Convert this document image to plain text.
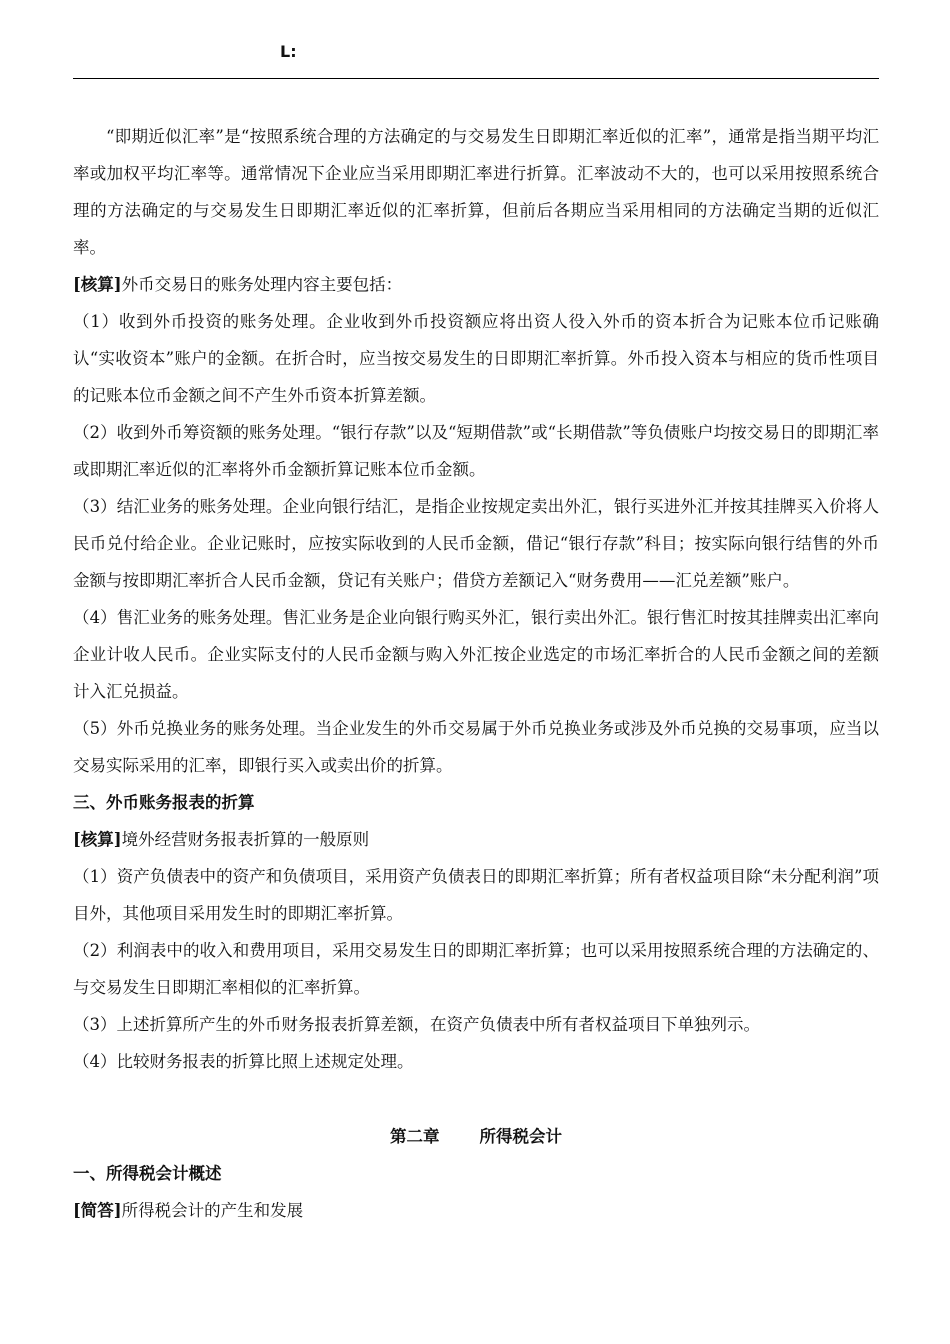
L:

“即期近似汇率”是“按照系统合理的方法确定的与交易发生日即期汇率近似的汇率”，通常是指当期平均汇率或加权平均汇率等。通常情况下企业应当采用即期汇率进行折算。汇率波动不大的，也可以采用按照系统合理的方法确定的与交易发生日即期汇率近似的汇率折算，但前后各期应当采用相同的方法确定当期的近似汇率。

[核算]外币交易日的账务处理内容主要包括：

（1）收到外币投资的账务处理。企业收到外币投资额应将出资人役入外币的资本折合为记账本位币记账确认“实收资本”账户的金额。在折合时，应当按交易发生的日即期汇率折算。外币投入资本与相应的货币性项目的记账本位币金额之间不产生外币资本折算差额。

（2）收到外币筹资额的账务处理。“银行存款”以及“短期借款”或“长期借款”等负债账户均按交易日的即期汇率或即期汇率近似的汇率将外币金额折算记账本位币金额。

（3）结汇业务的账务处理。企业向银行结汇，是指企业按规定卖出外汇，银行买进外汇并按其挂牌买入价将人民币兑付给企业。企业记账时，应按实际收到的人民币金额，借记“银行存款”科目；按实际向银行结售的外币金额与按即期汇率折合人民币金额，贷记有关账户；借贷方差额记入“财务费用——汇兑差额”账户。

（4）售汇业务的账务处理。售汇业务是企业向银行购买外汇，银行卖出外汇。银行售汇时按其挂牌卖出汇率向企业计收人民币。企业实际支付的人民币金额与购入外汇按企业选定的市场汇率折合的人民币金额之间的差额计入汇兑损益。

（5）外币兑换业务的账务处理。当企业发生的外币交易属于外币兑换业务或涉及外币兑换的交易事项，应当以交易实际采用的汇率，即银行买入或卖出价的折算。

三、外币账务报表的折算

[核算]境外经营财务报表折算的一般原则

（1）资产负债表中的资产和负债项目，采用资产负债表日的即期汇率折算；所有者权益项目除“未分配利润”项目外，其他项目采用发生时的即期汇率折算。

（2）利润表中的收入和费用项目，采用交易发生日的即期汇率折算；也可以采用按照系统合理的方法确定的、与交易发生日即期汇率相似的汇率折算。

（3）上述折算所产生的外币财务报表折算差额，在资产负债表中所有者权益项目下单独列示。

（4）比较财务报表的折算比照上述规定处理。

第二章 所得税会计

一、所得税会计概述

[简答]所得税会计的产生和发展
